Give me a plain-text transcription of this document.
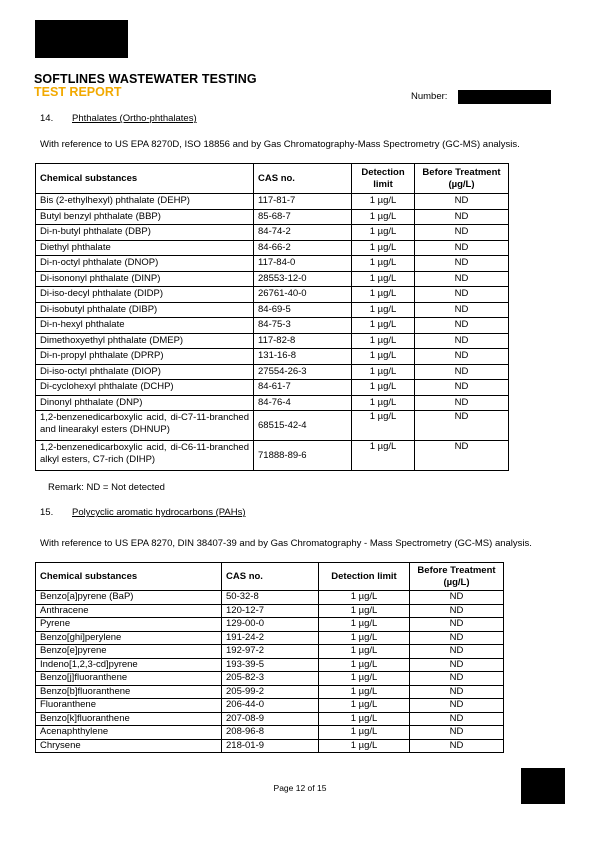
SOFTLINES WASTEWATER TESTING
TEST REPORT	Number:
14. Phthalates (Ortho-phthalates)
With reference to US EPA 8270D, ISO 18856 and by Gas Chromatography-Mass Spectrometry (GC-MS) analysis.
Chemical substances	CAS no.	Detection limit	Before Treatment (µg/L)
Bis (2-ethylhexyl) phthalate (DEHP)	117-81-7	1 µg/L	ND
Butyl benzyl phthalate (BBP)	85-68-7	1 µg/L	ND
Di-n-butyl phthalate (DBP)	84-74-2	1 µg/L	ND
Diethyl phthalate	84-66-2	1 µg/L	ND
Di-n-octyl phthalate (DNOP)	117-84-0	1 µg/L	ND
Di-isononyl phthalate (DINP)	28553-12-0	1 µg/L	ND
Di-iso-decyl phthalate (DIDP)	26761-40-0	1 µg/L	ND
Di-isobutyl phthalate (DIBP)	84-69-5	1 µg/L	ND
Di-n-hexyl phthalate	84-75-3	1 µg/L	ND
Dimethoxyethyl phthalate (DMEP)	117-82-8	1 µg/L	ND
Di-n-propyl phthalate (DPRP)	131-16-8	1 µg/L	ND
Di-iso-octyl phthalate (DIOP)	27554-26-3	1 µg/L	ND
Di-cyclohexyl phthalate (DCHP)	84-61-7	1 µg/L	ND
Dinonyl phthalate (DNP)	84-76-4	1 µg/L	ND
1,2-benzenedicarboxylic acid, di-C7-11-branched and linearakyl esters (DHNUP)	68515-42-4	1 µg/L	ND
1,2-benzenedicarboxylic acid, di-C6-11-branched alkyl esters, C7-rich (DIHP)	71888-89-6	1 µg/L	ND
Remark: ND = Not detected
15. Polycyclic aromatic hydrocarbons (PAHs)
With reference to US EPA 8270, DIN 38407-39 and by Gas Chromatography - Mass Spectrometry (GC-MS) analysis.
Chemical substances	CAS no.	Detection limit	Before Treatment (µg/L)
Benzo[a]pyrene (BaP)	50-32-8	1 µg/L	ND
Anthracene	120-12-7	1 µg/L	ND
Pyrene	129-00-0	1 µg/L	ND
Benzo[ghi]perylene	191-24-2	1 µg/L	ND
Benzo[e]pyrene	192-97-2	1 µg/L	ND
Indeno[1,2,3-cd]pyrene	193-39-5	1 µg/L	ND
Benzo[j]fluoranthene	205-82-3	1 µg/L	ND
Benzo[b]fluoranthene	205-99-2	1 µg/L	ND
Fluoranthene	206-44-0	1 µg/L	ND
Benzo[k]fluoranthene	207-08-9	1 µg/L	ND
Acenaphthylene	208-96-8	1 µg/L	ND
Chrysene	218-01-9	1 µg/L	ND
Page 12 of 15
